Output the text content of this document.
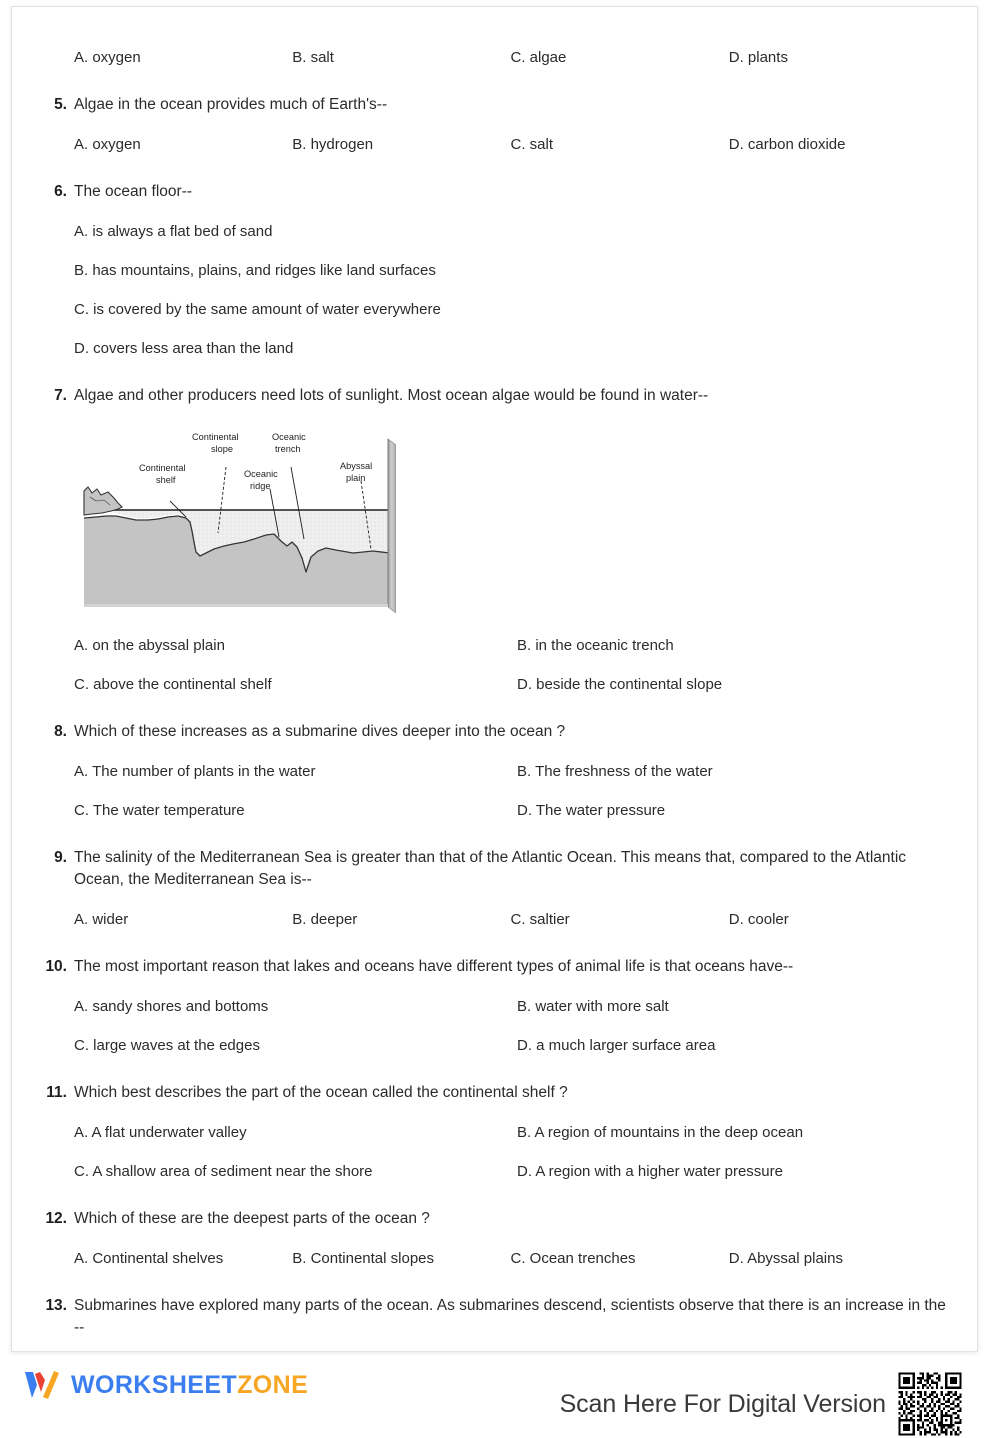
A. oxygen	B. salt	C. algae	D. plants
5. Algae in the ocean provides much of Earth's--
A. oxygen	B. hydrogen	C. salt	D. carbon dioxide
6. The ocean floor--
A. is always a flat bed of sand
B. has mountains, plains, and ridges like land surfaces
C. is covered by the same amount of water everywhere
D. covers less area than the land
7. Algae and other producers need lots of sunlight. Most ocean algae would be found in water--
Continental
shelf
Continental
slope
Oceanic
ridge
Oceanic
trench
Abyssal
plain
A. on the abyssal plain	B. in the oceanic trench
C. above the continental shelf	D. beside the continental slope
8. Which of these increases as a submarine dives deeper into the ocean ?
A. The number of plants in the water	B. The freshness of the water
C. The water temperature	D. The water pressure
9. The salinity of the Mediterranean Sea is greater than that of the Atlantic Ocean. This means that, compared to the Atlantic Ocean, the Mediterranean Sea is--
A. wider	B. deeper	C. saltier	D. cooler
10. The most important reason that lakes and oceans have different types of animal life is that oceans have--
A. sandy shores and bottoms	B. water with more salt
C. large waves at the edges	D. a much larger surface area
11. Which best describes the part of the ocean called the continental shelf ?
A. A flat underwater valley	B. A region of mountains in the deep ocean
C. A shallow area of sediment near the shore	D. A region with a higher water pressure
12. Which of these are the deepest parts of the ocean ?
A. Continental shelves	B. Continental slopes	C. Ocean trenches	D. Abyssal plains
13. Submarines have explored many parts of the ocean. As submarines descend, scientists observe that there is an increase in the --
WORKSHEETZONE
Scan Here For Digital Version
